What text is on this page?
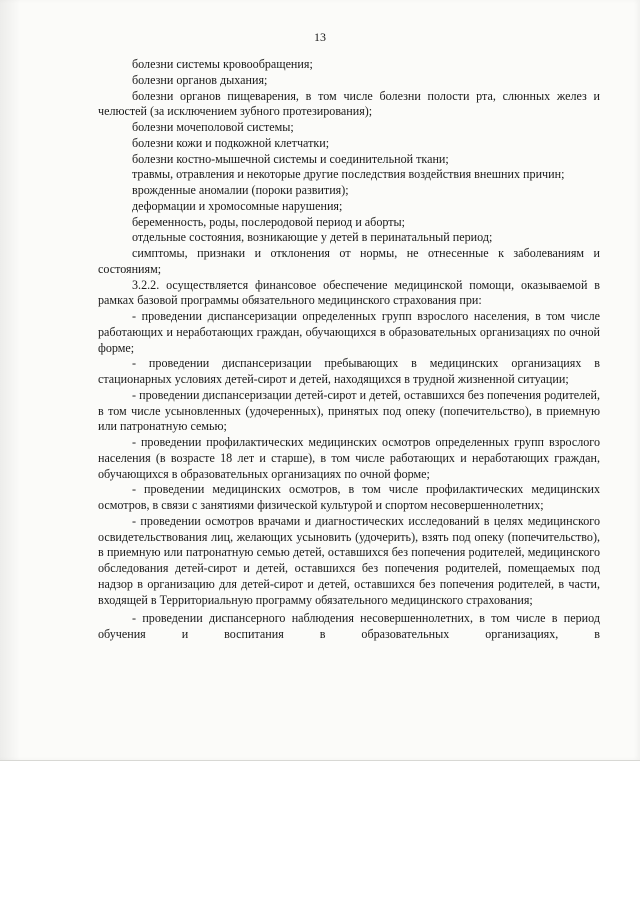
13

болезни системы кровообращения;

болезни органов дыхания;

болезни органов пищеварения, в том числе болезни полости рта, слюнных желез и челюстей (за исключением зубного протезирования);

болезни мочеполовой системы;

болезни кожи и подкожной клетчатки;

болезни костно-мышечной системы и соединительной ткани;

травмы, отравления и некоторые другие последствия воздействия внешних причин;

врожденные аномалии (пороки развития);

деформации и хромосомные нарушения;

беременность, роды, послеродовой период и аборты;

отдельные состояния, возникающие у детей в перинатальный период;

симптомы, признаки и отклонения от нормы, не отнесенные к заболеваниям и состояниям;

3.2.2. осуществляется финансовое обеспечение медицинской помощи, оказываемой в рамках базовой программы обязательного медицинского страхования при:

- проведении диспансеризации определенных групп взрослого населения, в том числе работающих и неработающих граждан, обучающихся в образовательных организациях по очной форме;

- проведении диспансеризации пребывающих в медицинских организациях в стационарных условиях детей-сирот и детей, находящихся в трудной жизненной ситуации;

- проведении диспансеризации детей-сирот и детей, оставшихся без попечения родителей, в том числе усыновленных (удочеренных), принятых под опеку (попечительство), в приемную или патронатную семью;

- проведении профилактических медицинских осмотров определенных групп взрослого населения (в возрасте 18 лет и старше), в том числе работающих и неработающих граждан, обучающихся в образовательных организациях по очной форме;

- проведении медицинских осмотров, в том числе профилактических медицинских осмотров, в связи с занятиями физической культурой и спортом несовершеннолетних;

- проведении осмотров врачами и диагностических исследований в целях медицинского освидетельствования лиц, желающих усыновить (удочерить), взять под опеку (попечительство), в приемную или патронатную семью детей, оставшихся без попечения родителей, медицинского обследования детей-сирот и детей, оставшихся без попечения родителей, помещаемых под надзор в организацию для детей-сирот и детей, оставшихся без попечения родителей, в части, входящей в Территориальную программу обязательного медицинского страхования;

- проведении диспансерного наблюдения несовершеннолетних, в том числе в период обучения и воспитания в образовательных организациях, в
